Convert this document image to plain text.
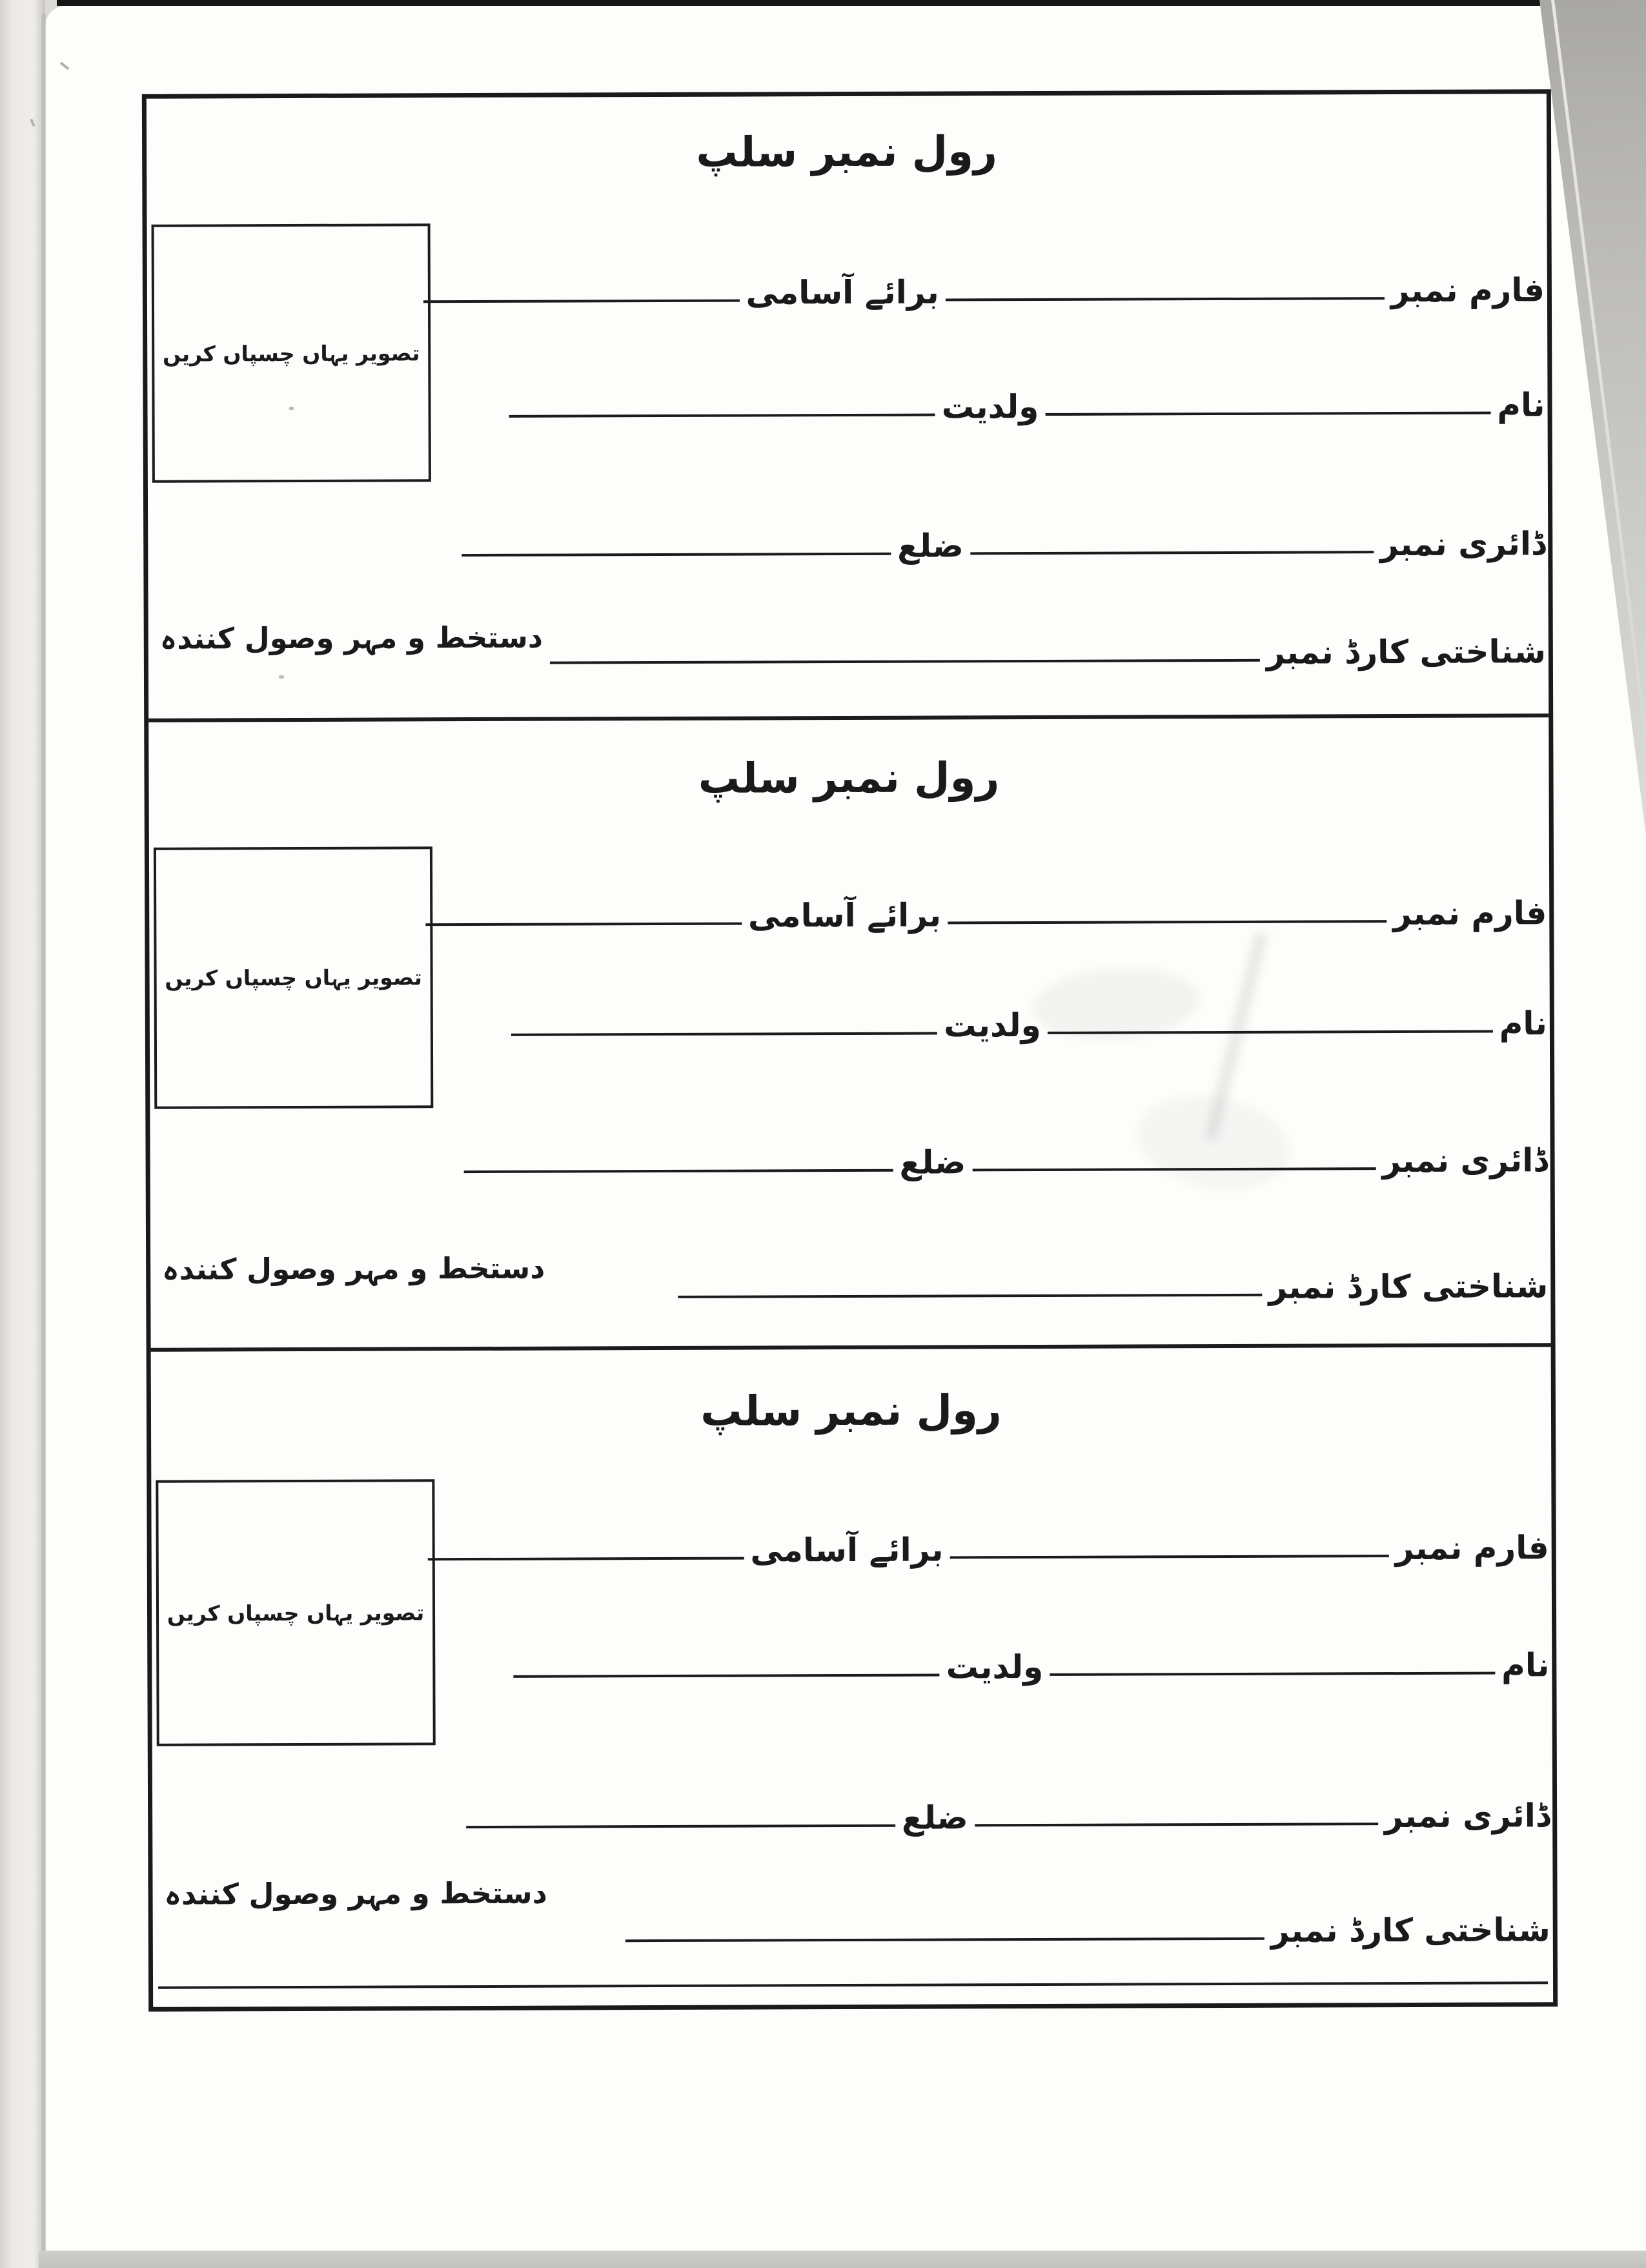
رول نمبر سلپ
تصویر یہاں چسپاں کریں
فارم نمبر
برائے آسامی
نام
ولدیت
ڈائری نمبر
ضلع
شناختی کارڈ نمبر
دستخط و مہر وصول کنندہ
رول نمبر سلپ
تصویر یہاں چسپاں کریں
فارم نمبر
برائے آسامی
نام
ولدیت
ڈائری نمبر
ضلع
شناختی کارڈ نمبر
دستخط و مہر وصول کنندہ
رول نمبر سلپ
تصویر یہاں چسپاں کریں
فارم نمبر
برائے آسامی
نام
ولدیت
ڈائری نمبر
ضلع
شناختی کارڈ نمبر
دستخط و مہر وصول کنندہ
